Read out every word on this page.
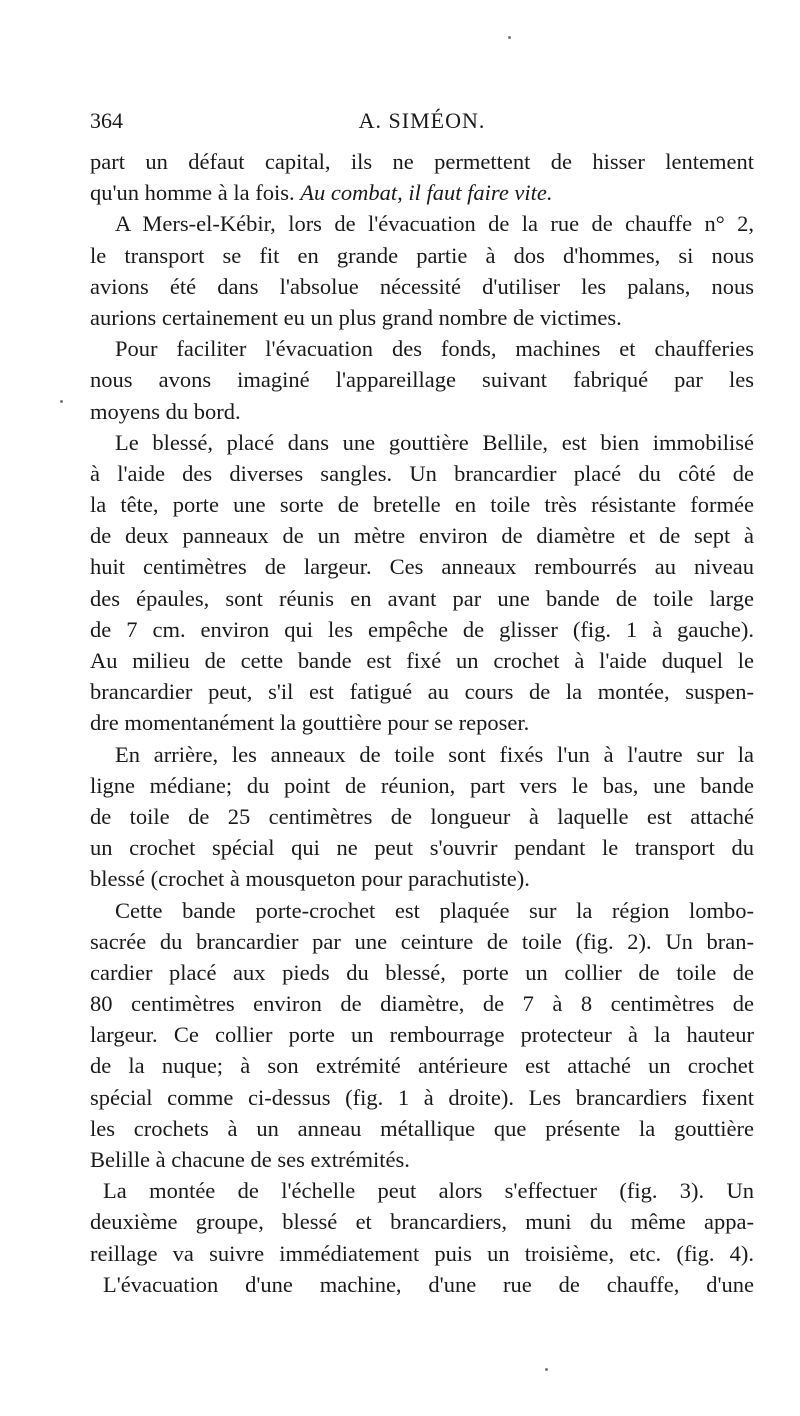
364	A. SIMÉON.
part un défaut capital, ils ne permettent de hisser lentement
qu'un homme à la fois. Au combat, il faut faire vite.
A Mers-el-Kébir, lors de l'évacuation de la rue de chauffe n° 2,
le transport se fit en grande partie à dos d'hommes, si nous
avions été dans l'absolue nécessité d'utiliser les palans, nous
aurions certainement eu un plus grand nombre de victimes.
Pour faciliter l'évacuation des fonds, machines et chaufferies
nous avons imaginé l'appareillage suivant fabriqué par les
moyens du bord.
Le blessé, placé dans une gouttière Bellile, est bien immobilisé
à l'aide des diverses sangles. Un brancardier placé du côté de
la tête, porte une sorte de bretelle en toile très résistante formée
de deux panneaux de un mètre environ de diamètre et de sept à
huit centimètres de largeur. Ces anneaux rembourrés au niveau
des épaules, sont réunis en avant par une bande de toile large
de 7 cm. environ qui les empêche de glisser (fig. 1 à gauche).
Au milieu de cette bande est fixé un crochet à l'aide duquel le
brancardier peut, s'il est fatigué au cours de la montée, suspen-
dre momentanément la gouttière pour se reposer.
En arrière, les anneaux de toile sont fixés l'un à l'autre sur la
ligne médiane; du point de réunion, part vers le bas, une bande
de toile de 25 centimètres de longueur à laquelle est attaché
un crochet spécial qui ne peut s'ouvrir pendant le transport du
blessé (crochet à mousqueton pour parachutiste).
Cette bande porte-crochet est plaquée sur la région lombo-
sacrée du brancardier par une ceinture de toile (fig. 2). Un bran-
cardier placé aux pieds du blessé, porte un collier de toile de
80 centimètres environ de diamètre, de 7 à 8 centimètres de
largeur. Ce collier porte un rembourrage protecteur à la hauteur
de la nuque; à son extrémité antérieure est attaché un crochet
spécial comme ci-dessus (fig. 1 à droite). Les brancardiers fixent
les crochets à un anneau métallique que présente la gouttière
Belille à chacune de ses extrémités.
La montée de l'échelle peut alors s'effectuer (fig. 3). Un
deuxième groupe, blessé et brancardiers, muni du même appa-
reillage va suivre immédiatement puis un troisième, etc. (fig. 4).
L'évacuation d'une machine, d'une rue de chauffe, d'une
